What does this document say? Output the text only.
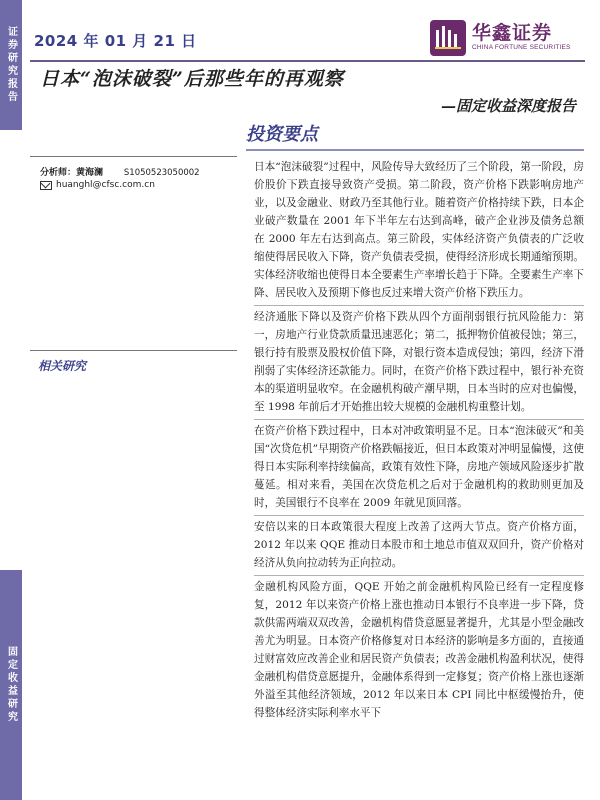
证券研究报告
固定收益研究
2024 年 01 月 21 日	华鑫证券
CHINA FORTUNE SECURITIES
日本“泡沫破裂”后那些年的再观察
—固定收益深度报告
投资要点
分析师：黄海澜 S1050523050002
huanghl@cfsc.com.cn
相关研究

日本“泡沫破裂”过程中，风险传导大致经历了三个阶段，第一阶段，房价股价下跌直接导致资产受损。第二阶段，资产价格下跌影响房地产业，以及金融业、财政乃至其他行业。随着资产价格持续下跌，日本企业破产数量在 2001 年下半年左右达到高峰，破产企业涉及债务总额在 2000 年左右达到高点。第三阶段，实体经济资产负债表的广泛收缩使得居民收入下降，资产负债表受损，使得经济形成长期通缩预期。实体经济收缩也使得日本全要素生产率增长趋于下降。全要素生产率下降、居民收入及预期下修也反过来增大资产价格下跌压力。

经济通胀下降以及资产价格下跌从四个方面削弱银行抗风险能力：第一，房地产行业贷款质量迅速恶化；第二，抵押物价值被侵蚀；第三，银行持有股票及股权价值下降，对银行资本造成侵蚀；第四，经济下滑削弱了实体经济还款能力。同时，在资产价格下跌过程中，银行补充资本的渠道明显收窄。在金融机构破产潮早期，日本当时的应对也偏慢，至 1998 年前后才开始推出较大规模的金融机构重整计划。

在资产价格下跌过程中，日本对冲政策明显不足。日本“泡沫破灭”和美国“次贷危机”早期资产价格跌幅接近，但日本政策对冲明显偏慢，这使得日本实际利率持续偏高，政策有效性下降，房地产领域风险逐步扩散蔓延。相对来看，美国在次贷危机之后对于金融机构的救助则更加及时，美国银行不良率在 2009 年就见顶回落。

安倍以来的日本政策很大程度上改善了这两大节点。资产价格方面，2012 年以来 QQE 推动日本股市和土地总市值双双回升，资产价格对经济从负向拉动转为正向拉动。

金融机构风险方面，QQE 开始之前金融机构风险已经有一定程度修复，2012 年以来资产价格上涨也推动日本银行不良率进一步下降，贷款供需两端双双改善，金融机构借贷意愿显著提升，尤其是小型金融改善尤为明显。日本资产价格修复对日本经济的影响是多方面的，直接通过财富效应改善企业和居民资产负债表；改善金融机构盈利状况，使得金融机构借贷意愿提升，金融体系得到一定修复；资产价格上涨也逐渐外溢至其他经济领域，2012 年以来日本 CPI 同比中枢缓慢抬升，使得整体经济实际利率水平下
